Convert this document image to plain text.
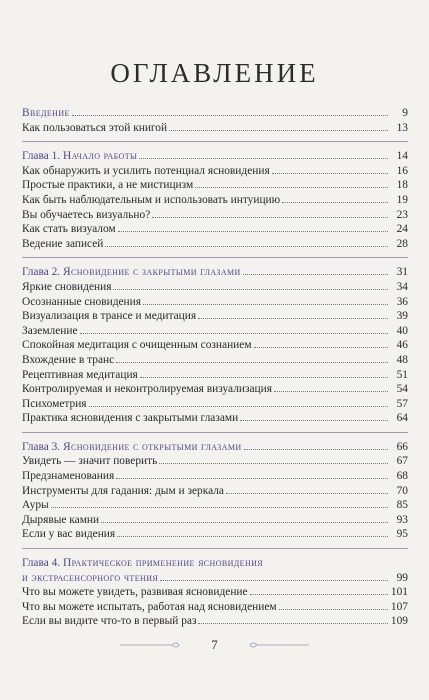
ОГЛАВЛЕНИЕ
Введение	9
Как пользоваться этой книгой	13
Глава 1. Начало работы	14
Как обнаружить и усилить потенциал ясновидения	16
Простые практики, а не мистицизм	18
Как быть наблюдательным и использовать интуицию	19
Вы обучаетесь визуально?	23
Как стать визуалом	24
Ведение записей	28
Глава 2. Ясновидение с закрытыми глазами	31
Яркие сновидения	34
Осознанные сновидения	36
Визуализация в трансе и медитация	39
Заземление	40
Спокойная медитация с очищенным сознанием	46
Вхождение в транс	48
Рецептивная медитация	51
Контролируемая и неконтролируемая визуализация	54
Психометрия	57
Практика ясновидения с закрытыми глазами	64
Глава 3. Ясновидение с открытыми глазами	66
Увидеть — значит поверить	67
Предзнаменования	68
Инструменты для гадания: дым и зеркала	70
Ауры	85
Дырявые камни	93
Если у вас видения	95
Глава 4. Практическое применение ясновидения
и экстрасенсорного чтения	99
Что вы можете увидеть, развивая ясновидение	101
Что вы можете испытать, работая над ясновидением	107
Если вы видите что-то в первый раз	109
7
